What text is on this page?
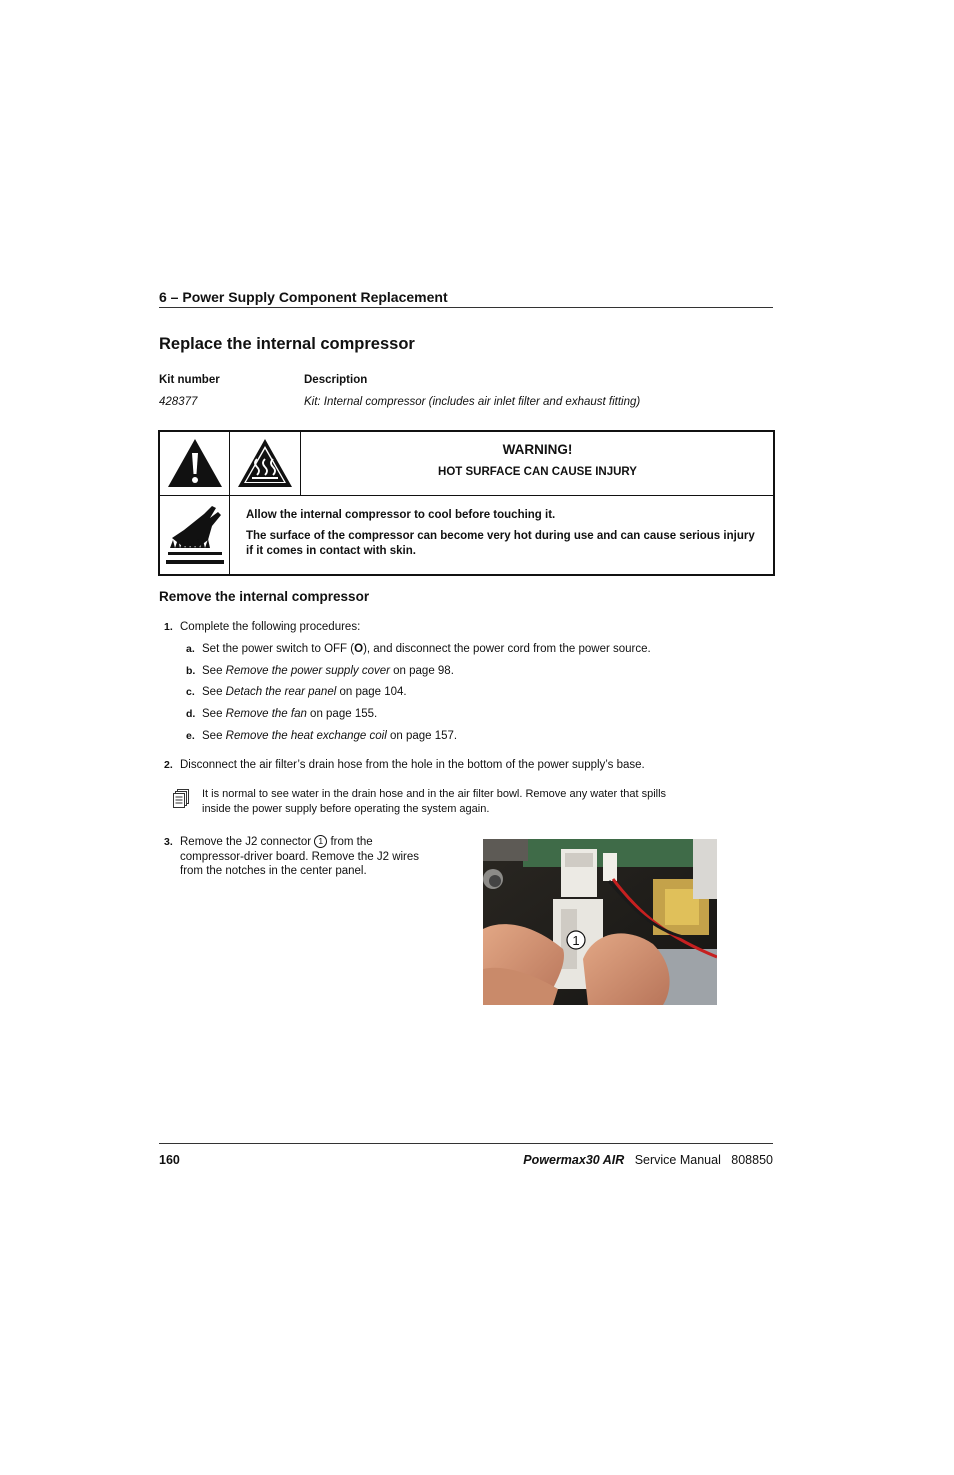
6 – Power Supply Component Replacement
Replace the internal compressor
Kit number	Description
428377	Kit: Internal compressor (includes air inlet filter and exhaust fitting)
WARNING!
HOT SURFACE CAN CAUSE INJURY
Allow the internal compressor to cool before touching it.
The surface of the compressor can become very hot during use and can cause serious injury if it comes in contact with skin.
Remove the internal compressor
1. Complete the following procedures:
a. Set the power switch to OFF (O), and disconnect the power cord from the power source.
b. See Remove the power supply cover on page 98.
c. See Detach the rear panel on page 104.
d. See Remove the fan on page 155.
e. See Remove the heat exchange coil on page 157.
2. Disconnect the air filter’s drain hose from the hole in the bottom of the power supply’s base.
It is normal to see water in the drain hose and in the air filter bowl. Remove any water that spills inside the power supply before operating the system again.
3. Remove the J2 connector 1 from the compressor-driver board. Remove the J2 wires from the notches in the center panel.
1
160	Powermax30 AIR Service Manual 808850
